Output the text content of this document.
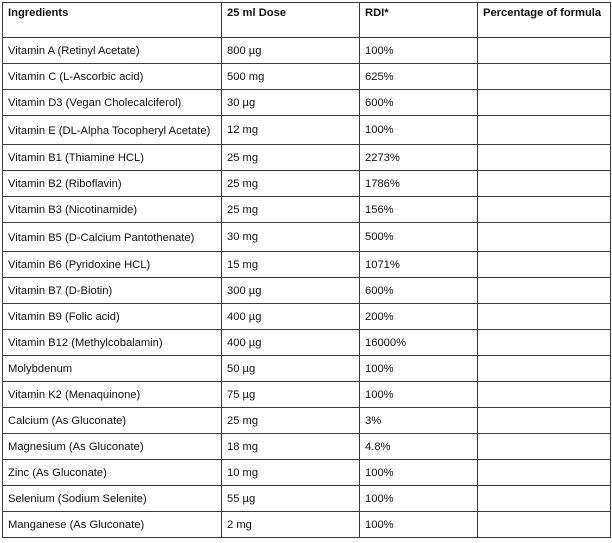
Ingredients	25 ml Dose	RDI*	Percentage of formula
Vitamin A (Retinyl Acetate)	800 µg	100%	
Vitamin C (L-Ascorbic acid)	500 mg	625%	
Vitamin D3 (Vegan Cholecalciferol)	30 µg	600%	
Vitamin E (DL-Alpha Tocopheryl Acetate)	12 mg	100%	
Vitamin B1 (Thiamine HCL)	25 mg	2273%	
Vitamin B2 (Riboflavin)	25 mg	1786%	
Vitamin B3 (Nicotinamide)	25 mg	156%	
Vitamin B5 (D-Calcium Pantothenate)	30 mg	500%	
Vitamin B6 (Pyridoxine HCL)	15 mg	1071%	
Vitamin B7 (D-Biotin)	300 µg	600%	
Vitamin B9 (Folic acid)	400 µg	200%	
Vitamin B12 (Methylcobalamin)	400 µg	16000%	
Molybdenum	50 µg	100%	
Vitamin K2 (Menaquinone)	75 µg	100%	
Calcium (As Gluconate)	25 mg	3%	
Magnesium (As Gluconate)	18 mg	4.8%	
Zinc (As Gluconate)	10 mg	100%	
Selenium (Sodium Selenite)	55 µg	100%	
Manganese (As Gluconate)	2 mg	100%	
